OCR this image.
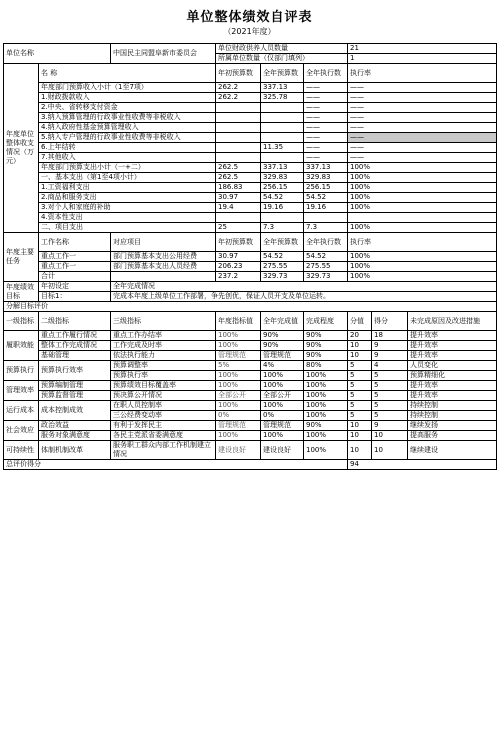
单位整体绩效自评表
（2021年度）
单位名称		中国民主同盟阜新市委员会	单位财政供养人员数量			21		
			所属单位数量（仅部门填列）			1		
年度单位整体收支情况（万元）	名 称		年初预算数	全年预算数	全年执行数	执行率		
	年度部门预算收入小计（1至7项）		262.2	337.13	——	——		
	1.财政拨款收入		262.2	325.78	——	——		
	2.中央、省转移支付资金				——	——		
	3.纳入预算管理的行政事业性收费等非税收入				——	——		
	4.纳入政府性基金预算管理收入				——	——		
	5.纳入专户管理的行政事业性收费等非税收入				——	——		
	6.上年结转			11.35	——	——		
	7.其他收入				——	——		
	年度部门预算支出小计（一+二）		262.5	337.13	337.13	100%		
	一、基本支出（第1至4项小计）		262.5	329.83	329.83	100%		
	1.工资福利支出		186.83	256.15	256.15	100%		
	2.商品和服务支出		30.97	54.52	54.52	100%		
	3.对个人和家庭的补助		19.4	19.16	19.16	100%		
	4.资本性支出							
	二、项目支出		25	7.3	7.3	100%		
年度主要任务	工作名称	对应项目	年初预算数	全年预算数	全年执行数	执行率		
	重点工作一	部门预算基本支出公用经费	30.97	54.52	54.52	100%		
	重点工作一	部门预算基本支出人员经费	206.23	275.55	275.55	100%		
	合计		237.2	329.73	329.73	100%		
年度绩效目标	年初设定	全年完成情况						
	目标1：	完成本年度上级单位工作部署，争先创优，保证人员开支及单位运转。						
分解目标评价								
一级指标	二级指标	三级指标	年度指标值	全年完成值	完成程度	分值	得分	未完成原因及改进措施
履职效能	重点工作履行情况	重点工作办结率	100%	90%	90%	20	18	提升效率
	整体工作完成情况	工作完成及时率	100%	90%	90%	10	9	提升效率
	基础管理	依法执行能力	管理规范	管理规范	90%	10	9	提升效率
预算执行	预算执行效率	预算调整率	5%	4%	80%	5	4	人员变化
		预算执行率	100%	100%	100%	5	5	预算精细化
管理效率	预算编制管理	预算绩效目标覆盖率	100%	100%	100%	5	5	提升效率
	预算监督管理	预决算公开情况	全部公开	全部公开	100%	5	5	提升效率
运行成本	成本控制成效	在职人员控制率	100%	100%	100%	5	5	持续控制
		三公经费变动率	0%	0%	100%	5	5	持续控制
社会效应	政治效益	有利于发挥民主	管理规范	管理规范	90%	10	9	继续发扬
	服务对象满意度	各民主党派省委满意度	100%	100%	100%	10	10	提高服务
可持续性	体制机制改革	服务职工群众内部工作机制建立情况	建设良好	建设良好	100%	10	10	继续建设
总评价得分						94		
